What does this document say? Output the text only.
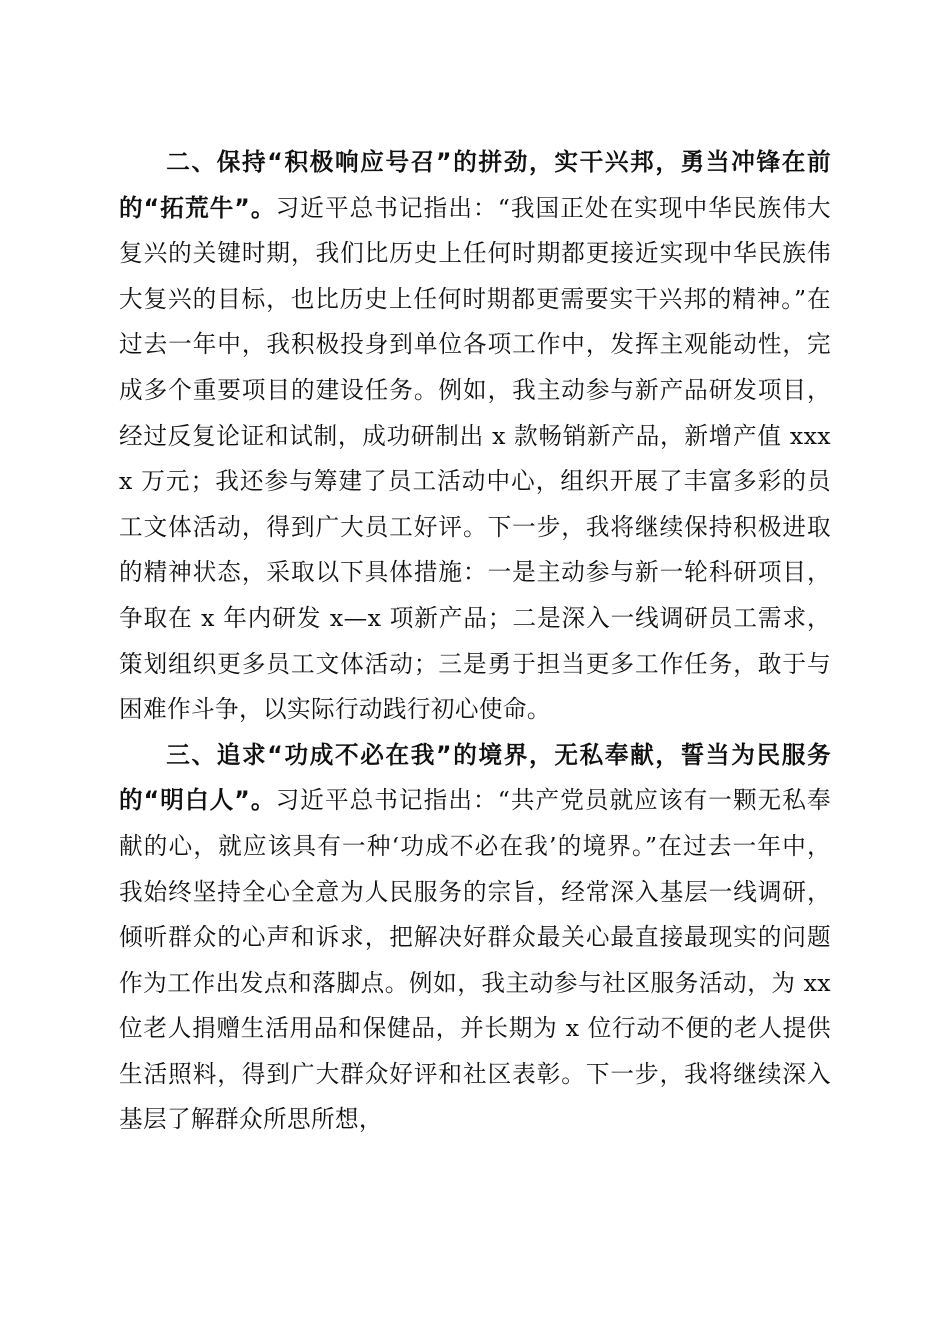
二、保持“积极响应号召”的拼劲，实干兴邦，勇当冲锋在前的“拓荒牛”。习近平总书记指出：“我国正处在实现中华民族伟大复兴的关键时期，我们比历史上任何时期都更接近实现中华民族伟大复兴的目标，也比历史上任何时期都更需要实干兴邦的精神。”在过去一年中，我积极投身到单位各项工作中，发挥主观能动性，完成多个重要项目的建设任务。例如，我主动参与新产品研发项目，经过反复论证和试制，成功研制出 x 款畅销新产品，新增产值 xxxx 万元；我还参与筹建了员工活动中心，组织开展了丰富多彩的员工文体活动，得到广大员工好评。下一步，我将继续保持积极进取的精神状态，采取以下具体措施：一是主动参与新一轮科研项目，争取在 x 年内研发 x—x 项新产品；二是深入一线调研员工需求，策划组织更多员工文体活动；三是勇于担当更多工作任务，敢于与困难作斗争，以实际行动践行初心使命。

三、追求“功成不必在我”的境界，无私奉献，誓当为民服务的“明白人”。习近平总书记指出：“共产党员就应该有一颗无私奉献的心，就应该具有一种‘功成不必在我’的境界。”在过去一年中，我始终坚持全心全意为人民服务的宗旨，经常深入基层一线调研，倾听群众的心声和诉求，把解决好群众最关心最直接最现实的问题作为工作出发点和落脚点。例如，我主动参与社区服务活动，为 xx 位老人捐赠生活用品和保健品，并长期为 x 位行动不便的老人提供生活照料，得到广大群众好评和社区表彰。下一步，我将继续深入基层了解群众所思所想，
